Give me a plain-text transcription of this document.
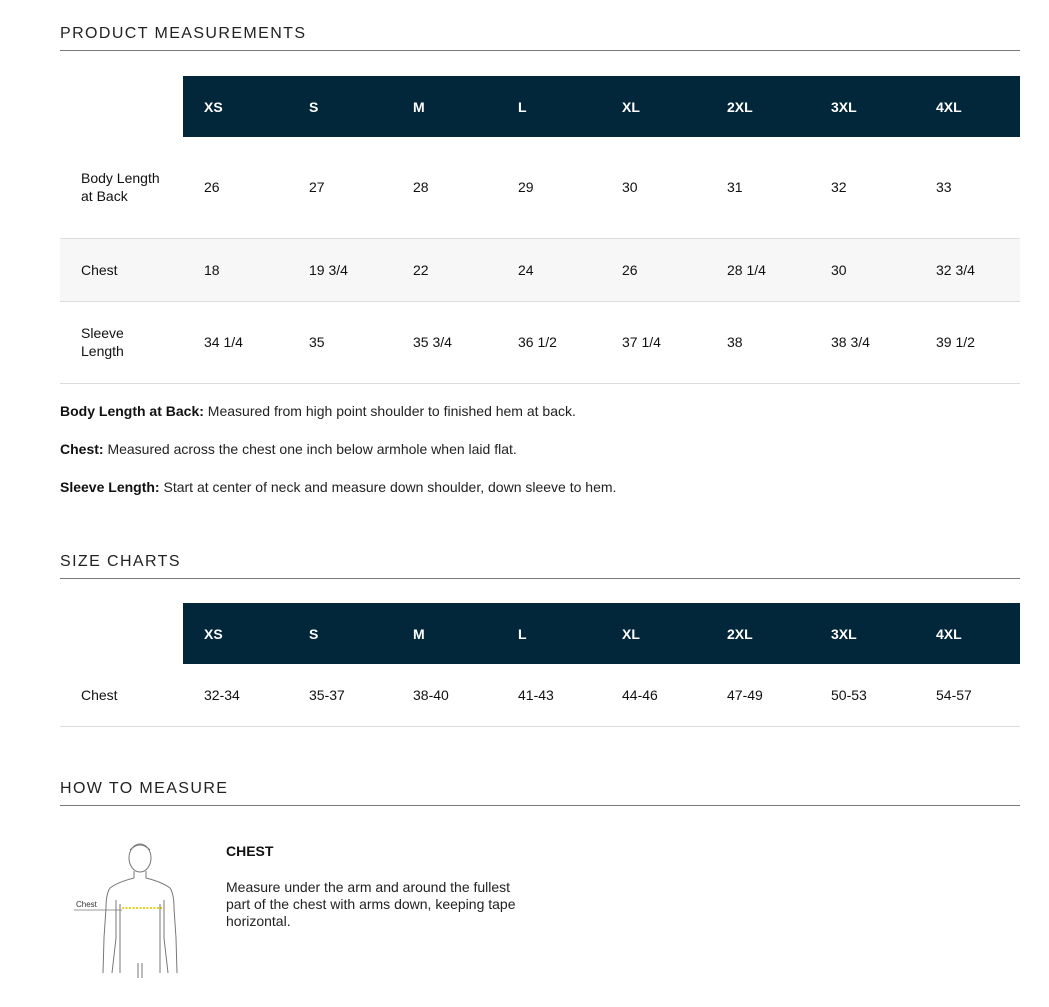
PRODUCT MEASUREMENTS
	XS	S	M	L	XL	2XL	3XL	4XL
Body Length at Back	26	27	28	29	30	31	32	33
Chest	18	19 3/4	22	24	26	28 1/4	30	32 3/4
Sleeve Length	34 1/4	35	35 3/4	36 1/2	37 1/4	38	38 3/4	39 1/2

Body Length at Back: Measured from high point shoulder to finished hem at back.

Chest: Measured across the chest one inch below armhole when laid flat.

Sleeve Length: Start at center of neck and measure down shoulder, down sleeve to hem.

SIZE CHARTS
	XS	S	M	L	XL	2XL	3XL	4XL
Chest	32-34	35-37	38-40	41-43	44-46	47-49	50-53	54-57
HOW TO MEASURE
Chest
CHEST
Measure under the arm and around the fullest part of the chest with arms down, keeping tape horizontal.
